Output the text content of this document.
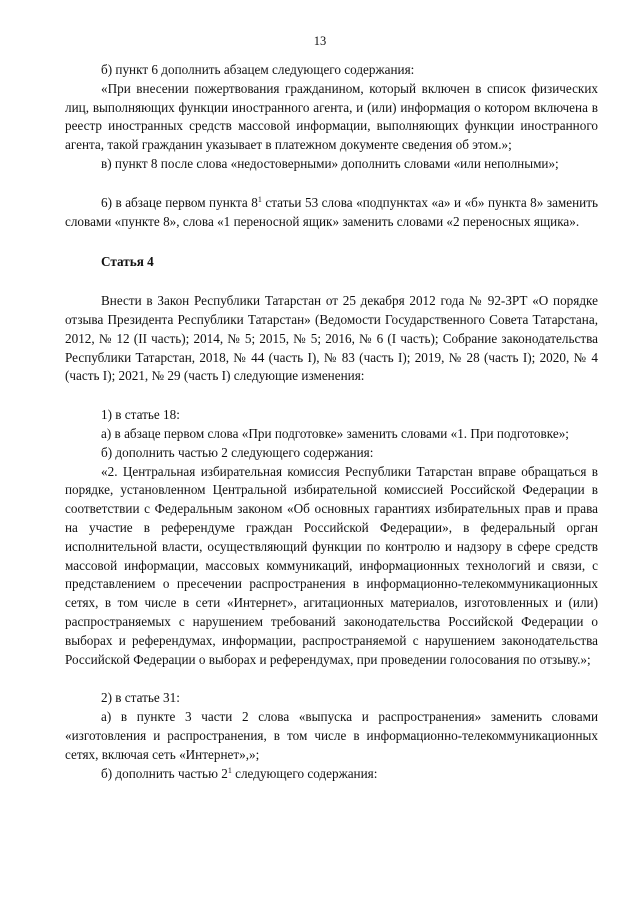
13

б) пункт 6 дополнить абзацем следующего содержания:

«При внесении пожертвования гражданином, который включен в список физических лиц, выполняющих функции иностранного агента, и (или) информация о котором включена в реестр иностранных средств массовой информации, выполняющих функции иностранного агента, такой гражданин указывает в платежном документе сведения об этом.»;

в) пункт 8 после слова «недостоверными» дополнить словами «или неполными»;

6) в абзаце первом пункта $8^1$ статьи 53 слова «подпунктах «а» и «б» пункта 8» заменить словами «пункте 8», слова «1 переносной ящик» заменить словами «2 переносных ящика».

Статья 4

Внести в Закон Республики Татарстан от 25 декабря 2012 года № 92-ЗРТ «О порядке отзыва Президента Республики Татарстан» (Ведомости Государственного Совета Татарстана, 2012, № 12 (II часть); 2014, № 5; 2015, № 5; 2016, № 6 (I часть); Собрание законодательства Республики Татарстан, 2018, № 44 (часть I), № 83 (часть I); 2019, № 28 (часть I); 2020, № 4 (часть I); 2021, № 29 (часть I) следующие изменения:

1) в статье 18:

а) в абзаце первом слова «При подготовке» заменить словами «1. При подготовке»;

б) дополнить частью 2 следующего содержания:

«2. Центральная избирательная комиссия Республики Татарстан вправе обращаться в порядке, установленном Центральной избирательной комиссией Российской Федерации в соответствии с Федеральным законом «Об основных гарантиях избирательных прав и права на участие в референдуме граждан Российской Федерации», в федеральный орган исполнительной власти, осуществляющий функции по контролю и надзору в сфере средств массовой информации, массовых коммуникаций, информационных технологий и связи, с представлением о пресечении распространения в информационно-телекоммуникационных сетях, в том числе в сети «Интернет», агитационных материалов, изготовленных и (или) распространяемых с нарушением требований законодательства Российской Федерации о выборах и референдумах, информации, распространяемой с нарушением законодательства Российской Федерации о выборах и референдумах, при проведении голосования по отзыву.»;

2) в статье 31:

а) в пункте 3 части 2 слова «выпуска и распространения» заменить словами «изготовления и распространения, в том числе в информационно-телекоммуникационных сетях, включая сеть «Интернет»,»;

б) дополнить частью $2^1$ следующего содержания:
